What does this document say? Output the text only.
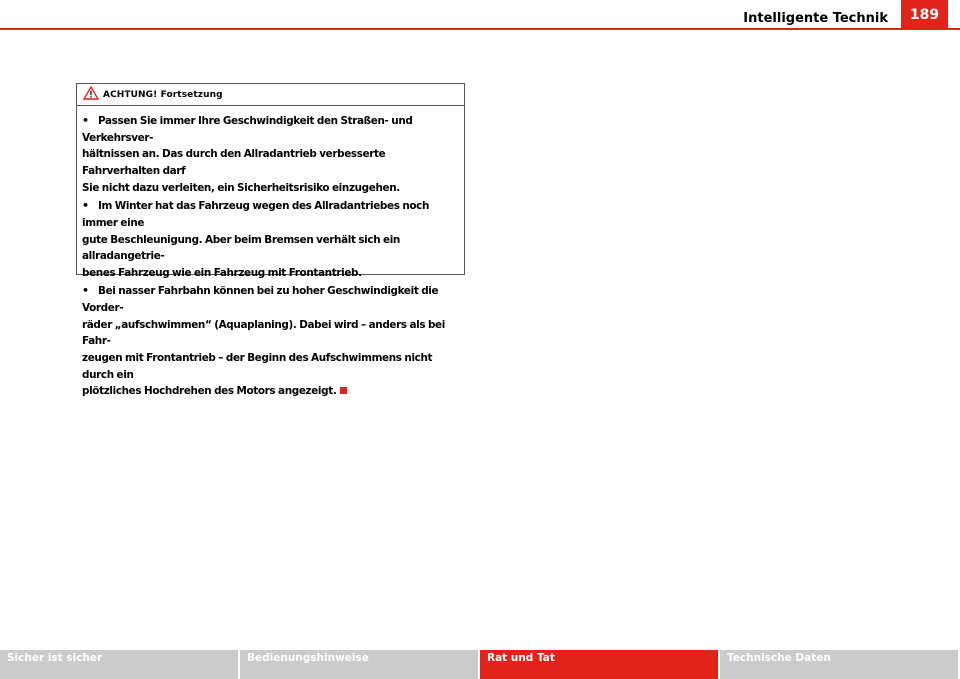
Intelligente Technik	189
ACHTUNG! Fortsetzung

• Passen Sie immer Ihre Geschwindigkeit den Straßen- und Verkehrsver-
hältnissen an. Das durch den Allradantrieb verbesserte Fahrverhalten darf
Sie nicht dazu verleiten, ein Sicherheitsrisiko einzugehen.

• Im Winter hat das Fahrzeug wegen des Allradantriebes noch immer eine
gute Beschleunigung. Aber beim Bremsen verhält sich ein allradangetrie-
benes Fahrzeug wie ein Fahrzeug mit Frontantrieb.

• Bei nasser Fahrbahn können bei zu hoher Geschwindigkeit die Vorder-
räder „aufschwimmen“ (Aquaplaning). Dabei wird – anders als bei Fahr-
zeugen mit Frontantrieb – der Beginn des Aufschwimmens nicht durch ein
plötzliches Hochdrehen des Motors angezeigt.

Sicher ist sicher	Bedienungshinweise	Rat und Tat	Technische Daten
